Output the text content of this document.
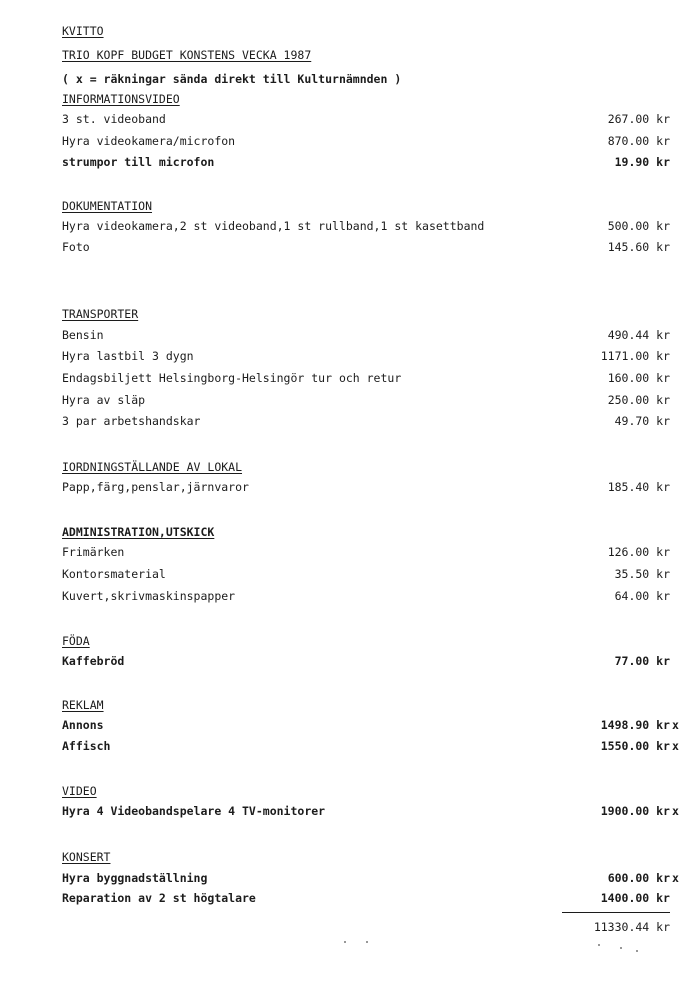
KVITTO
TRIO KOPF BUDGET KONSTENS VECKA 1987
( x = räkningar sända direkt till Kulturnämnden )
INFORMATIONSVIDEO
3 st. videoband	267.00 kr
Hyra videokamera/microfon	870.00 kr
strumpor till microfon	19.90 kr
DOKUMENTATION
Hyra videokamera,2 st videoband,1 st rullband,1 st kasettband	500.00 kr
Foto	145.60 kr
TRANSPORTER
Bensin	490.44 kr
Hyra lastbil 3 dygn	1171.00 kr
Endagsbiljett Helsingborg-Helsingör tur och retur	160.00 kr
Hyra av släp	250.00 kr
3 par arbetshandskar	49.70 kr
IORDNINGSTÄLLANDE AV LOKAL
Papp,färg,penslar,järnvaror	185.40 kr
ADMINISTRATION,UTSKICK
Frimärken	126.00 kr
Kontorsmaterial	35.50 kr
Kuvert,skrivmaskinspapper	64.00 kr
FÖDA
Kaffebröd	77.00 kr
REKLAM
Annons	1498.90 kr x
Affisch	1550.00 kr x
VIDEO
Hyra 4 Videobandspelare 4 TV-monitorer	1900.00 kr x
KONSERT
Hyra byggnadställning	600.00 kr x
Reparation av 2 st högtalare	1400.00 kr
11330.44 kr
